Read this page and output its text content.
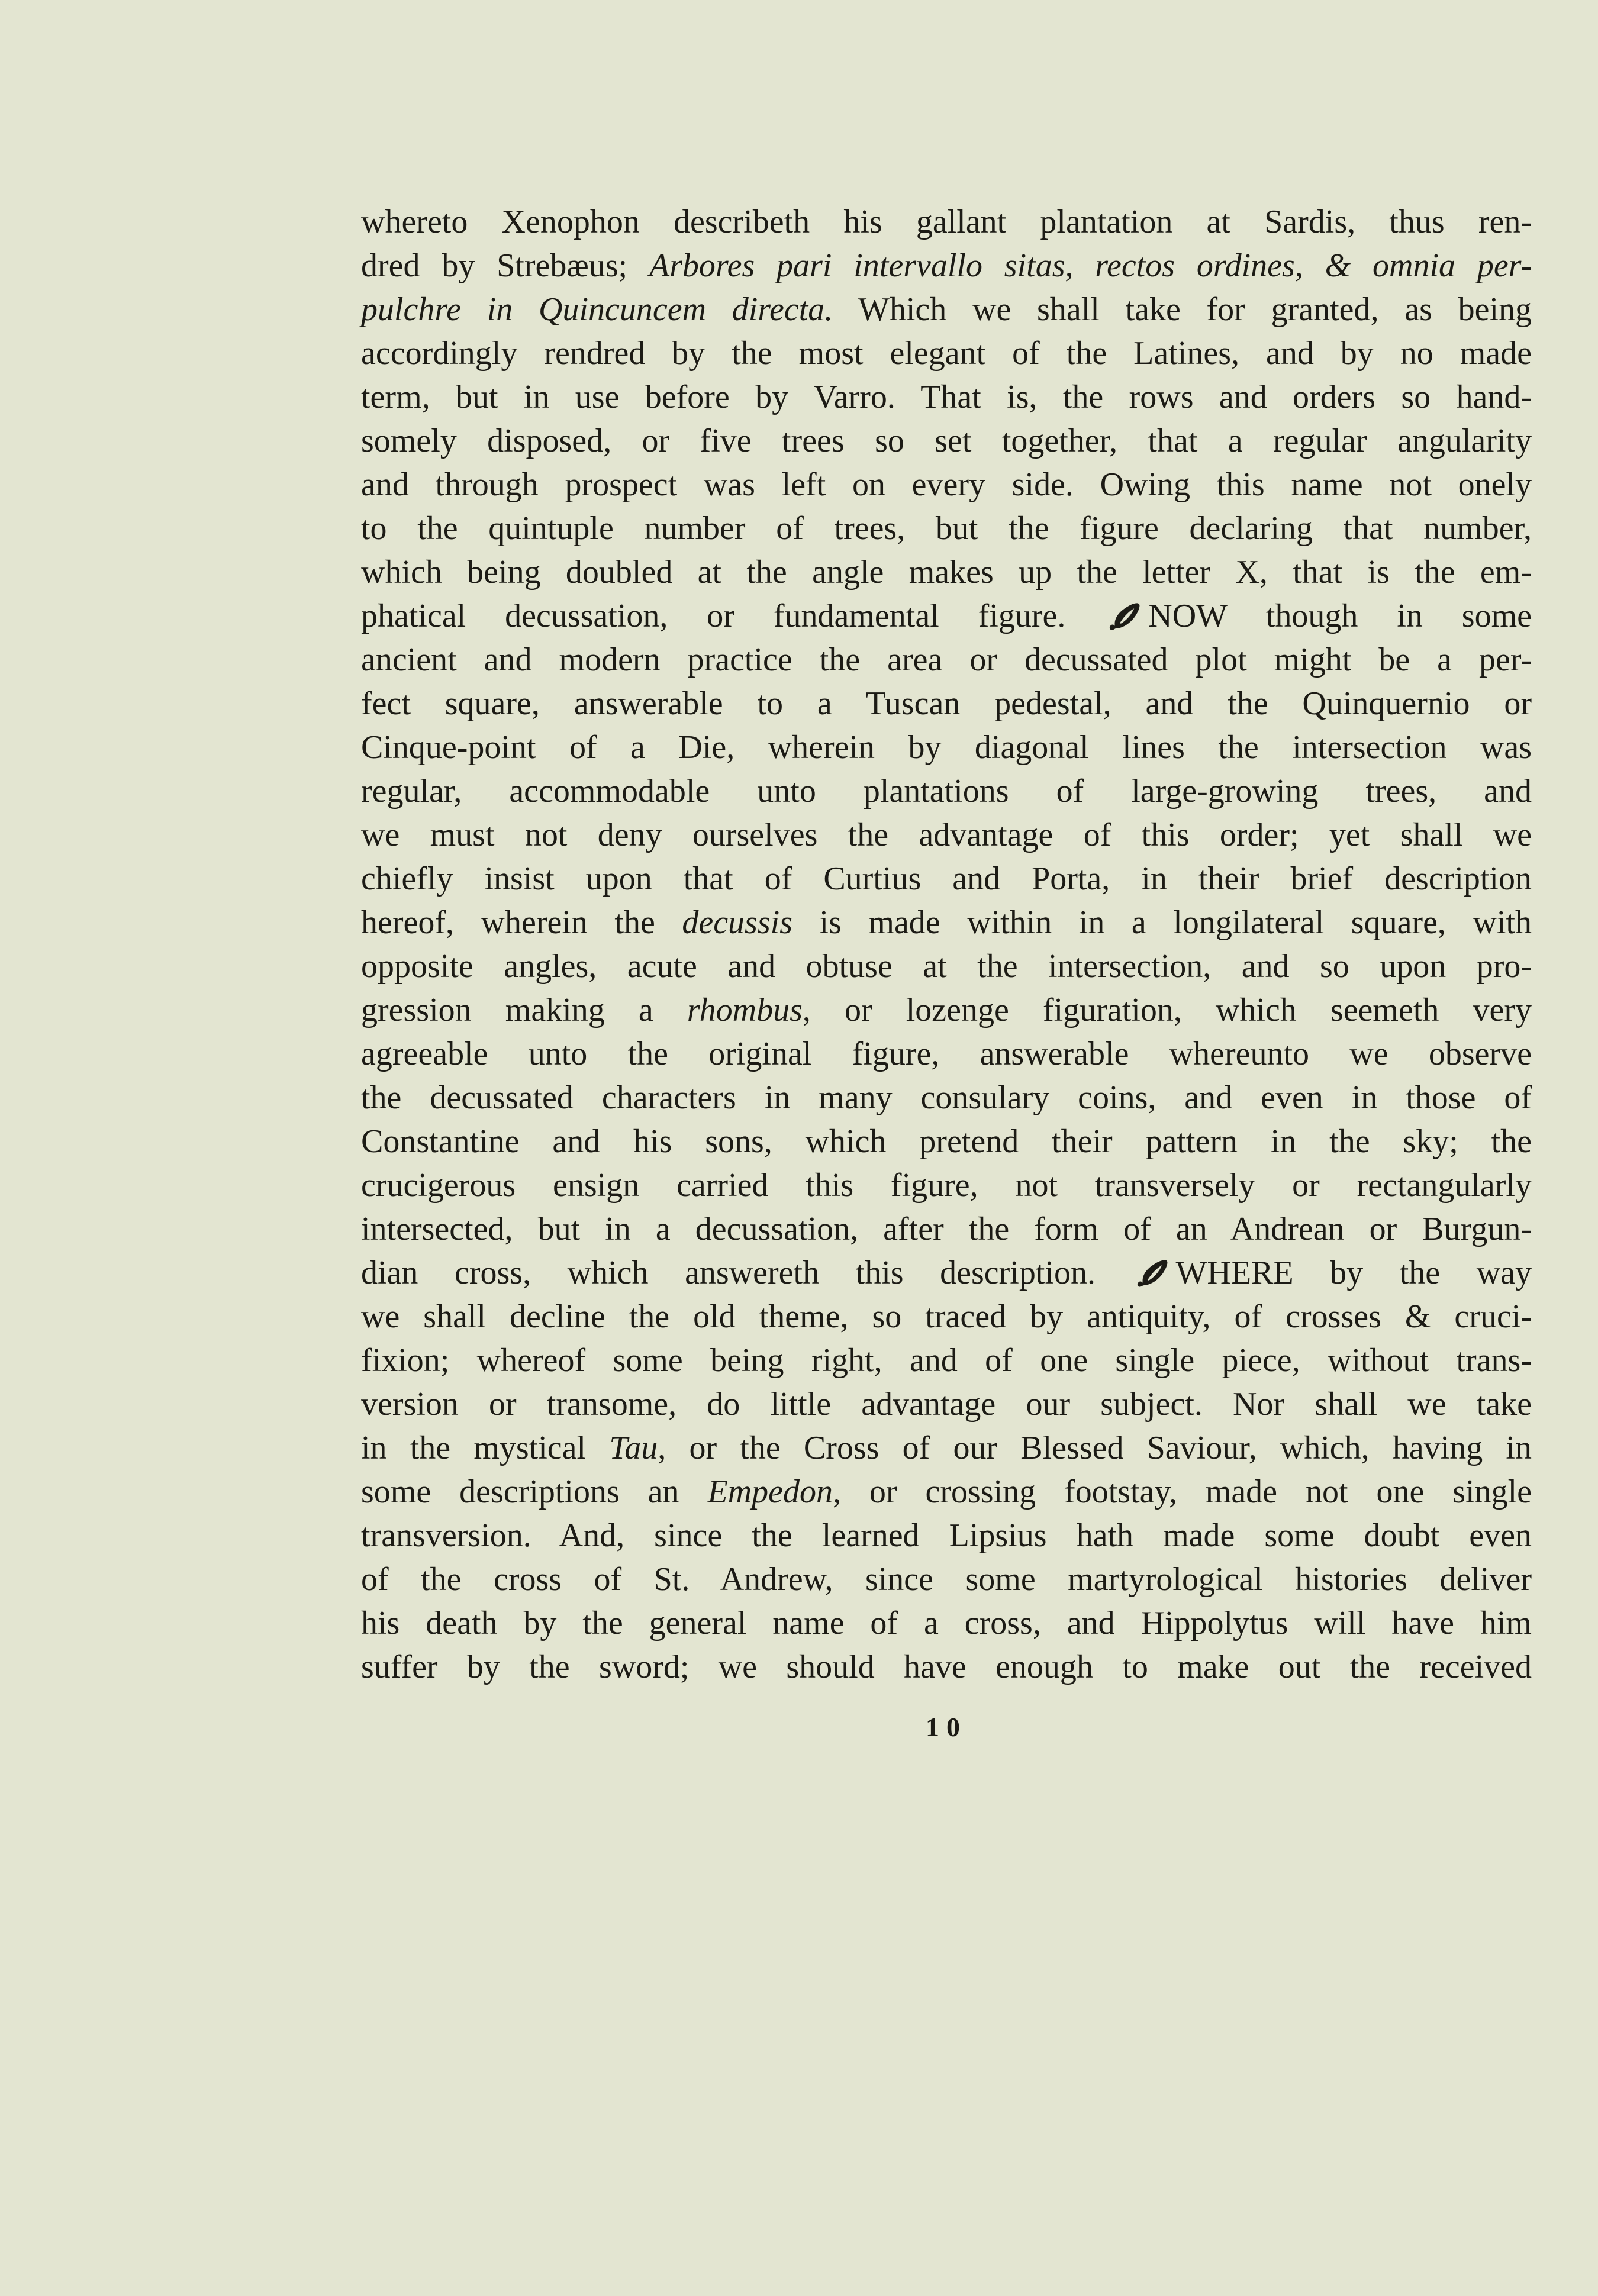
whereto Xenophon describeth his gallant plantation at Sardis, thus ren-
dred by Strebæus; Arbores pari intervallo sitas, rectos ordines, & omnia per-
pulchre in Quincuncem directa. Which we shall take for granted, as being
accordingly rendred by the most elegant of the Latines, and by no made
term, but in use before by Varro. That is, the rows and orders so hand-
somely disposed, or five trees so set together, that a regular angularity
and through prospect was left on every side. Owing this name not onely
to the quintuple number of trees, but the figure declaring that number,
which being doubled at the angle makes up the letter X, that is the em-
phatical decussation, or fundamental figure. NOW though in some
ancient and modern practice the area or decussated plot might be a per-
fect square, answerable to a Tuscan pedestal, and the Quinquernio or
Cinque-point of a Die, wherein by diagonal lines the intersection was
regular, accommodable unto plantations of large-growing trees, and
we must not deny ourselves the advantage of this order; yet shall we
chiefly insist upon that of Curtius and Porta, in their brief description
hereof, wherein the decussis is made within in a longilateral square, with
opposite angles, acute and obtuse at the intersection, and so upon pro-
gression making a rhombus, or lozenge figuration, which seemeth very
agreeable unto the original figure, answerable whereunto we observe
the decussated characters in many consulary coins, and even in those of
Constantine and his sons, which pretend their pattern in the sky; the
crucigerous ensign carried this figure, not transversely or rectangularly
intersected, but in a decussation, after the form of an Andrean or Burgun-
dian cross, which answereth this description. WHERE by the way
we shall decline the old theme, so traced by antiquity, of crosses & cruci-
fixion; whereof some being right, and of one single piece, without trans-
version or transome, do little advantage our subject. Nor shall we take
in the mystical Tau, or the Cross of our Blessed Saviour, which, having in
some descriptions an Empedon, or crossing footstay, made not one single
transversion. And, since the learned Lipsius hath made some doubt even
of the cross of St. Andrew, since some martyrological histories deliver
his death by the general name of a cross, and Hippolytus will have him
suffer by the sword; we should have enough to make out the received
10
